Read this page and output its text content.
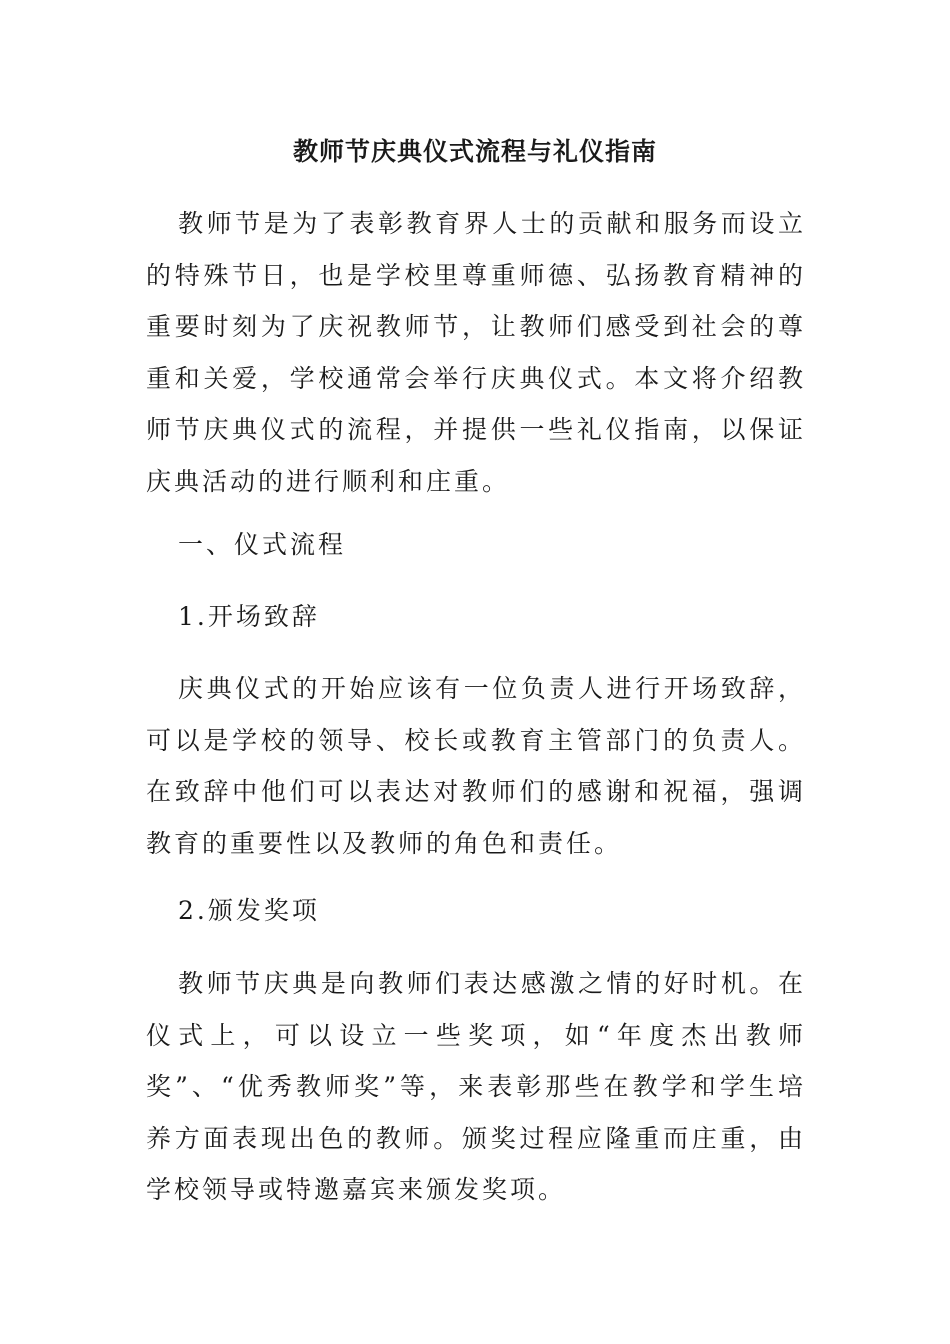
教师节庆典仪式流程与礼仪指南

教师节是为了表彰教育界人士的贡献和服务而设立的特殊节日，也是学校里尊重师德、弘扬教育精神的重要时刻为了庆祝教师节，让教师们感受到社会的尊重和关爱，学校通常会举行庆典仪式。本文将介绍教师节庆典仪式的流程，并提供一些礼仪指南，以保证庆典活动的进行顺利和庄重。

一、仪式流程

1.开场致辞

庆典仪式的开始应该有一位负责人进行开场致辞，可以是学校的领导、校长或教育主管部门的负责人。在致辞中他们可以表达对教师们的感谢和祝福，强调教育的重要性以及教师的角色和责任。

2.颁发奖项

教师节庆典是向教师们表达感激之情的好时机。在仪式上，可以设立一些奖项，如“年度杰出教师奖”、“优秀教师奖”等，来表彰那些在教学和学生培养方面表现出色的教师。颁奖过程应隆重而庄重，由学校领导或特邀嘉宾来颁发奖项。
